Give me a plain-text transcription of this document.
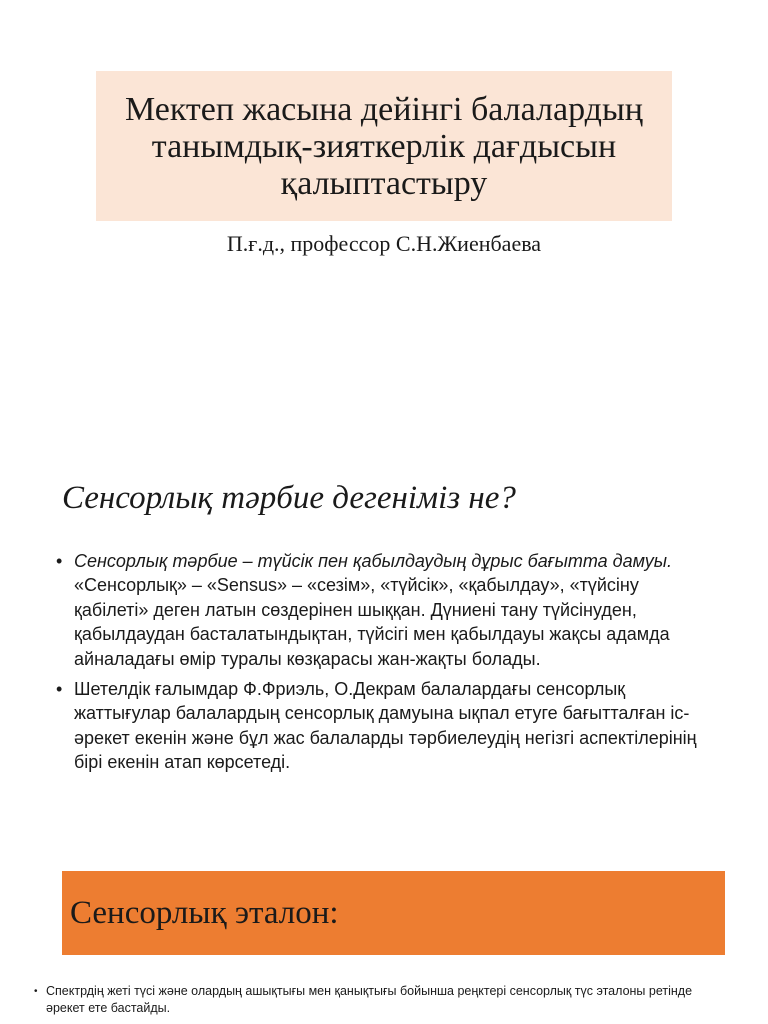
Мектеп жасына дейінгі балалардың
танымдық-зияткерлік дағдысын
қалыптастыру
П.ғ.д., профессор С.Н.Жиенбаева
Сенсорлық тәрбие дегеніміз не?
• Сенсорлық тәрбие – түйсік пен қабылдаудың дұрыс бағытта дамуы. «Сенсорлық» – «Sensus» – «сезім», «түйсік», «қабылдау», «түйсіну қабілеті» деген латын сөздерінен шыққан. Дүниені тану түйсінуден, қабылдаудан басталатындықтан, түйсігі мен қабылдауы жақсы адамда айналадағы өмір туралы көзқарасы жан-жақты болады.
• Шетелдік ғалымдар Ф.Фриэль, О.Декрам балалардағы сенсорлық жаттығулар балалардың сенсорлық дамуына ықпал етуге бағытталған іс-әрекет екенін және бұл жас балаларды тәрбиелеудің негізгі аспектілерінің бірі екенін атап көрсетеді.
Сенсорлық эталон:
• Спектрдің жеті түсі және олардың ашықтығы мен қанықтығы бойынша реңктері сенсорлық түс эталоны ретінде әрекет ете бастайды.
